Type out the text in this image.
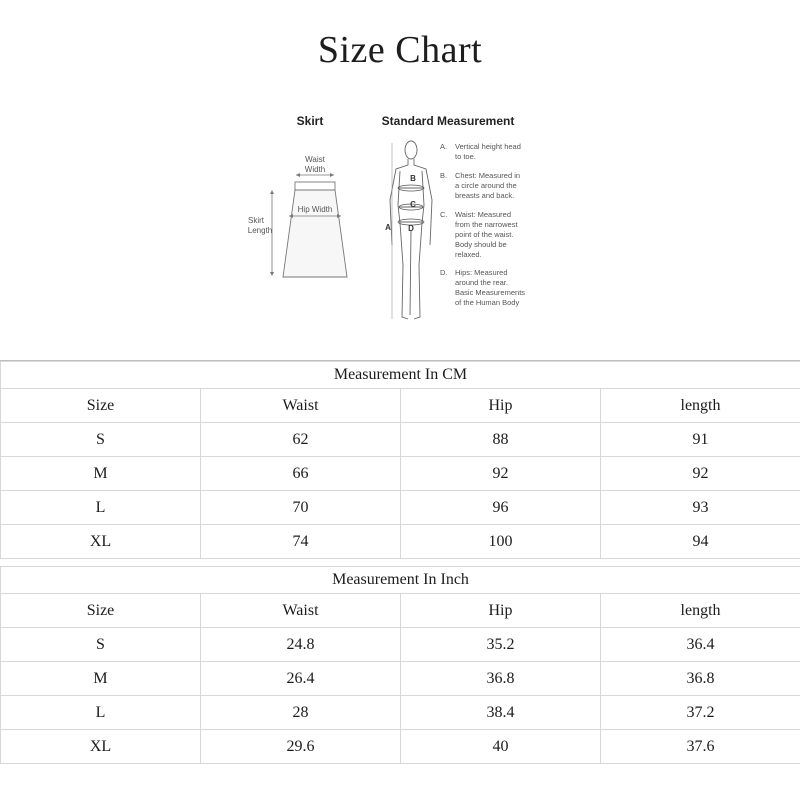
Size Chart
Skirt
Waist
Width
Hip Width
Skirt
Length
Standard Measurement
A
B
C
D
A. Vertical height head
to toe.
B. Chest: Measured in
a circle around the
breasts and back.
C. Waist: Measured
from the narrowest
point of the waist.
Body should be
relaxed.
D. Hips: Measured
around the rear.
Basic Measurements
of the Human Body
Measurement In CM			
Size	Waist	Hip	length
S	62	88	91
M	66	92	92
L	70	96	93
XL	74	100	94
Measurement In Inch			
Size	Waist	Hip	length
S	24.8	35.2	36.4
M	26.4	36.8	36.8
L	28	38.4	37.2
XL	29.6	40	37.6
